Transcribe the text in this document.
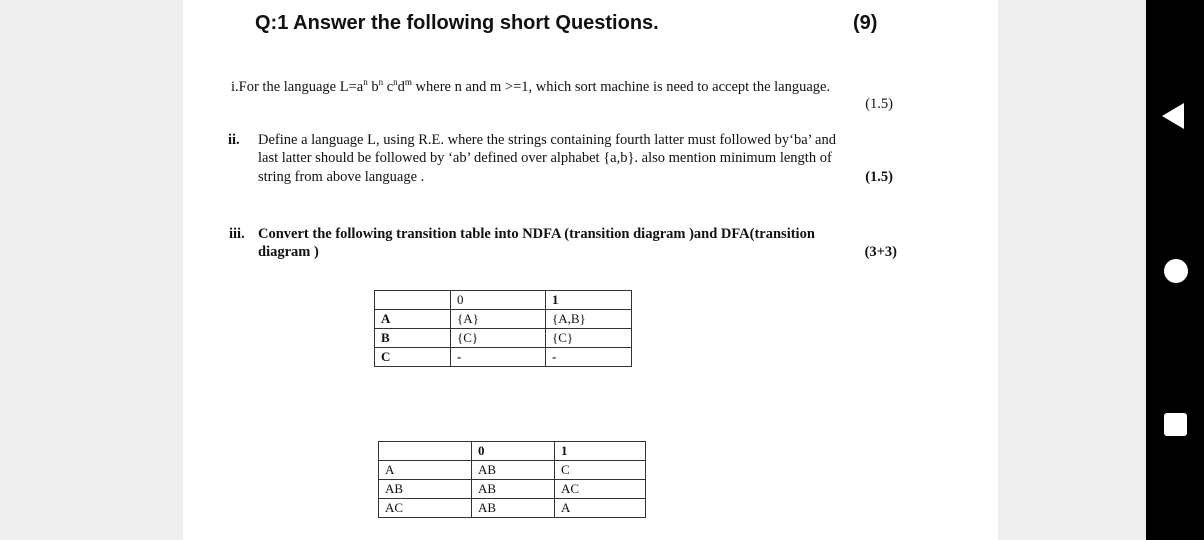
Q:1 Answer the following short Questions.	(9)
i.For the language $L=a^n$ $b^n$ $c^nd^m$ where n and m >=1, which sort machine is need to accept the language.
(1.5)
ii. Define a language L, using R.E. where the strings containing fourth latter must followed by‘ba’ and
last latter should be followed by ‘ab’ defined over alphabet {a,b}. also mention minimum length of
string from above language .	(1.5)
iii. Convert the following transition table into NDFA (transition diagram )and DFA(transition
diagram )	(3+3)
	0	1
A	{A}	{A,B}
B	{C}	{C}
C	-	-
	0	1
A	AB	C
AB	AB	AC
AC	AB	A
